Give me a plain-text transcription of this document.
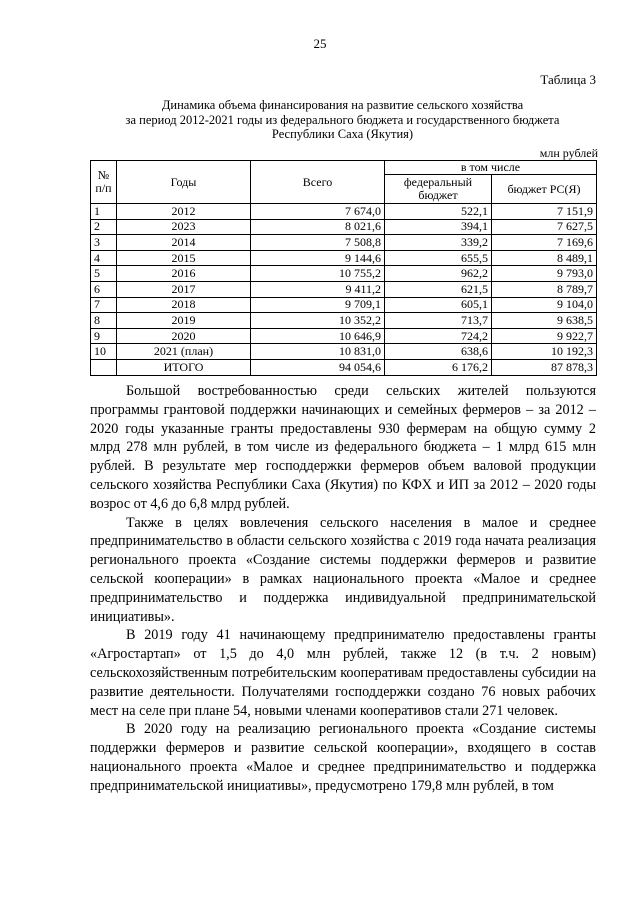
25
Таблица 3
Динамика объема финансирования на развитие сельского хозяйства
за период 2012-2021 годы из федерального бюджета и государственного бюджета
Республики Саха (Якутия)
млн рублей
№ п/п	Годы	Всего	в том числе	
			федеральный бюджет	бюджет РС(Я)
1	2012	7 674,0	522,1	7 151,9
2	2023	8 021,6	394,1	7 627,5
3	2014	7 508,8	339,2	7 169,6
4	2015	9 144,6	655,5	8 489,1
5	2016	10 755,2	962,2	9 793,0
6	2017	9 411,2	621,5	8 789,7
7	2018	9 709,1	605,1	9 104,0
8	2019	10 352,2	713,7	9 638,5
9	2020	10 646,9	724,2	9 922,7
10	2021 (план)	10 831,0	638,6	10 192,3
	ИТОГО	94 054,6	6 176,2	87 878,3

Большой востребованностью среди сельских жителей пользуются программы грантовой поддержки начинающих и семейных фермеров – за 2012 – 2020 годы указанные гранты предоставлены 930 фермерам на общую сумму 2 млрд 278 млн рублей, в том числе из федерального бюджета – 1 млрд 615 млн рублей. В результате мер господдержки фермеров объем валовой продукции сельского хозяйства Республики Саха (Якутия) по КФХ и ИП за 2012 – 2020 годы возрос от 4,6 до 6,8 млрд рублей.

Также в целях вовлечения сельского населения в малое и среднее предпринимательство в области сельского хозяйства с 2019 года начата реализация регионального проекта «Создание системы поддержки фермеров и развитие сельской кооперации» в рамках национального проекта «Малое и среднее предпринимательство и поддержка индивидуальной предпринимательской инициативы».

В 2019 году 41 начинающему предпринимателю предоставлены гранты «Агростартап» от 1,5 до 4,0 млн рублей, также 12 (в т.ч. 2 новым) сельскохозяйственным потребительским кооперативам предоставлены субсидии на развитие деятельности. Получателями господдержки создано 76 новых рабочих мест на селе при плане 54, новыми членами кооперативов стали 271 человек.

В 2020 году на реализацию регионального проекта «Создание системы поддержки фермеров и развитие сельской кооперации», входящего в состав национального проекта «Малое и среднее предпринимательство и поддержка предпринимательской инициативы», предусмотрено 179,8 млн рублей, в том
